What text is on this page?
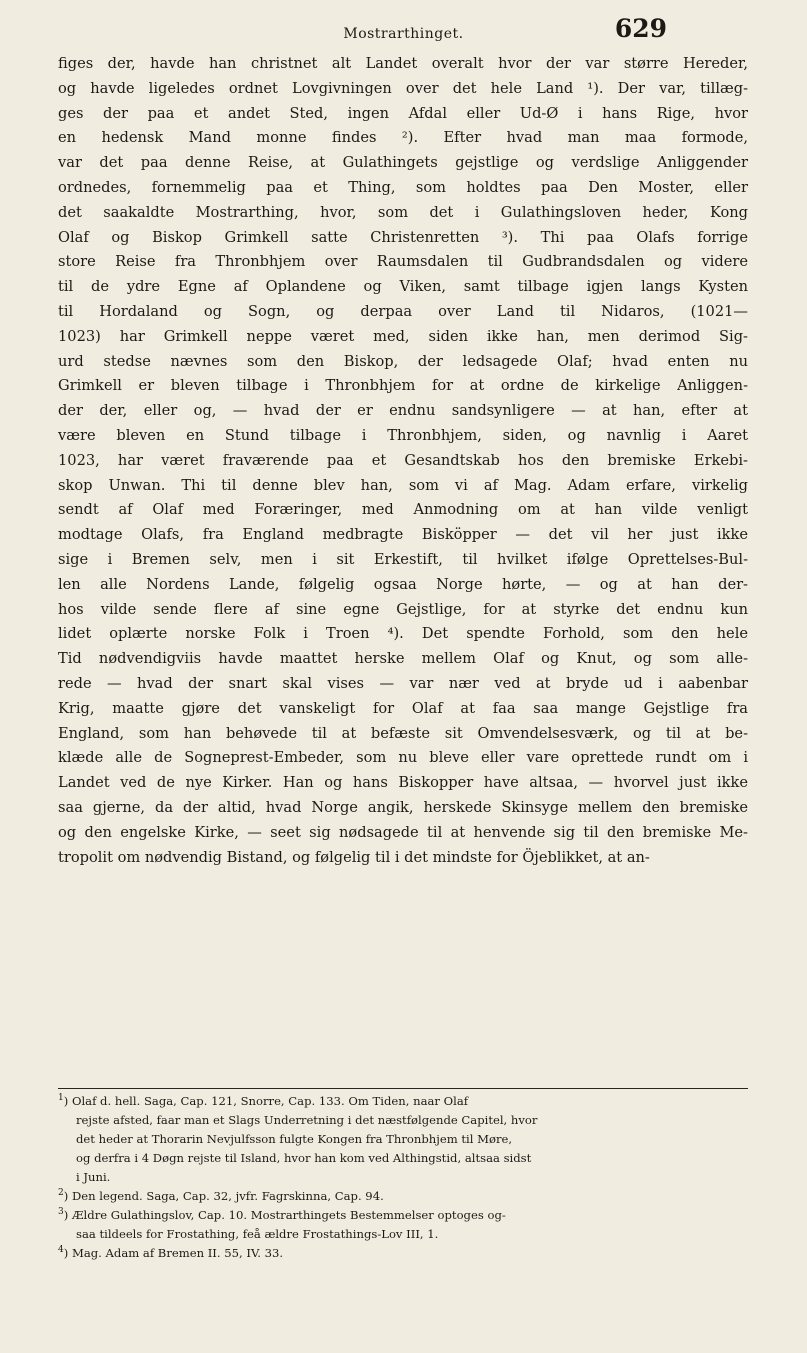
Mostrarthinget.	629
figes der, havde han christnet alt Landet overalt hvor der var større Hereder,
og havde ligeledes ordnet Lovgivningen over det hele Land ¹). Der var, tillæg-
ges der paa et andet Sted, ingen Afdal eller Ud-Ø i hans Rige, hvor
en hedensk Mand monne findes ²). Efter hvad man maa formode,
var det paa denne Reise, at Gulathingets gejstlige og verdslige Anliggender
ordnedes, fornemmelig paa et Thing, som holdtes paa Den Moster, eller
det saakaldte Mostrarthing, hvor, som det i Gulathingsloven heder, Kong
Olaf og Biskop Grimkell satte Christenretten ³). Thi paa Olafs forrige
store Reise fra Thronbhjem over Raumsdalen til Gudbrandsdalen og videre
til de ydre Egne af Oplandene og Viken, samt tilbage igjen langs Kysten
til Hordaland og Sogn, og derpaa over Land til Nidaros, (1021—
1023) har Grimkell neppe været med, siden ikke han, men derimod Sig-
urd stedse nævnes som den Biskop, der ledsagede Olaf; hvad enten nu
Grimkell er bleven tilbage i Thronbhjem for at ordne de kirkelige Anliggen-
der der, eller og, — hvad der er endnu sandsynligere — at han, efter at
være bleven en Stund tilbage i Thronbhjem, siden, og navnlig i Aaret
1023, har været fraværende paa et Gesandtskab hos den bremiske Erkebi-
skop Unwan. Thi til denne blev han, som vi af Mag. Adam erfare, virkelig
sendt af Olaf med Foræringer, med Anmodning om at han vilde venligt
modtage Olafs, fra England medbragte Bisköpper — det vil her just ikke
sige i Bremen selv, men i sit Erkestift, til hvilket ifølge Oprettelses-Bul-
len alle Nordens Lande, følgelig ogsaa Norge hørte, — og at han der-
hos vilde sende flere af sine egne Gejstlige, for at styrke det endnu kun
lidet oplærte norske Folk i Troen ⁴). Det spendte Forhold, som den hele
Tid nødvendigviis havde maattet herske mellem Olaf og Knut, og som alle-
rede — hvad der snart skal vises — var nær ved at bryde ud i aabenbar
Krig, maatte gjøre det vanskeligt for Olaf at faa saa mange Gejstlige fra
England, som han behøvede til at befæste sit Omvendelsesværk, og til at be-
klæde alle de Sogneprest-Embeder, som nu bleve eller vare oprettede rundt om i
Landet ved de nye Kirker. Han og hans Biskopper have altsaa, — hvorvel just ikke
saa gjerne, da der altid, hvad Norge angik, herskede Skinsyge mellem den bremiske
og den engelske Kirke, — seet sig nødsagede til at henvende sig til den bremiske Me-
tropolit om nødvendig Bistand, og følgelig til i det mindste for Öjeblikket, at an-
$^1$) Olaf d. hell. Saga, Cap. 121, Snorre, Cap. 133. Om Tiden, naar Olaf
rejste afsted, faar man et Slags Underretning i det næstfølgende Capitel, hvor
det heder at Thorarin Nevjulfsson fulgte Kongen fra Thronbhjem til Møre,
og derfra i 4 Døgn rejste til Island, hvor han kom ved Althingstid, altsaa sidst
i Juni.
$^2$) Den legend. Saga, Cap. 32, jvfr. Fagrskinna, Cap. 94.
$^3$) Ældre Gulathingslov, Cap. 10. Mostrarthingets Bestemmelser optoges og-
saa tildeels for Frostathing, feå ældre Frostathings-Lov III, 1.
$^4$) Mag. Adam af Bremen II. 55, IV. 33.
